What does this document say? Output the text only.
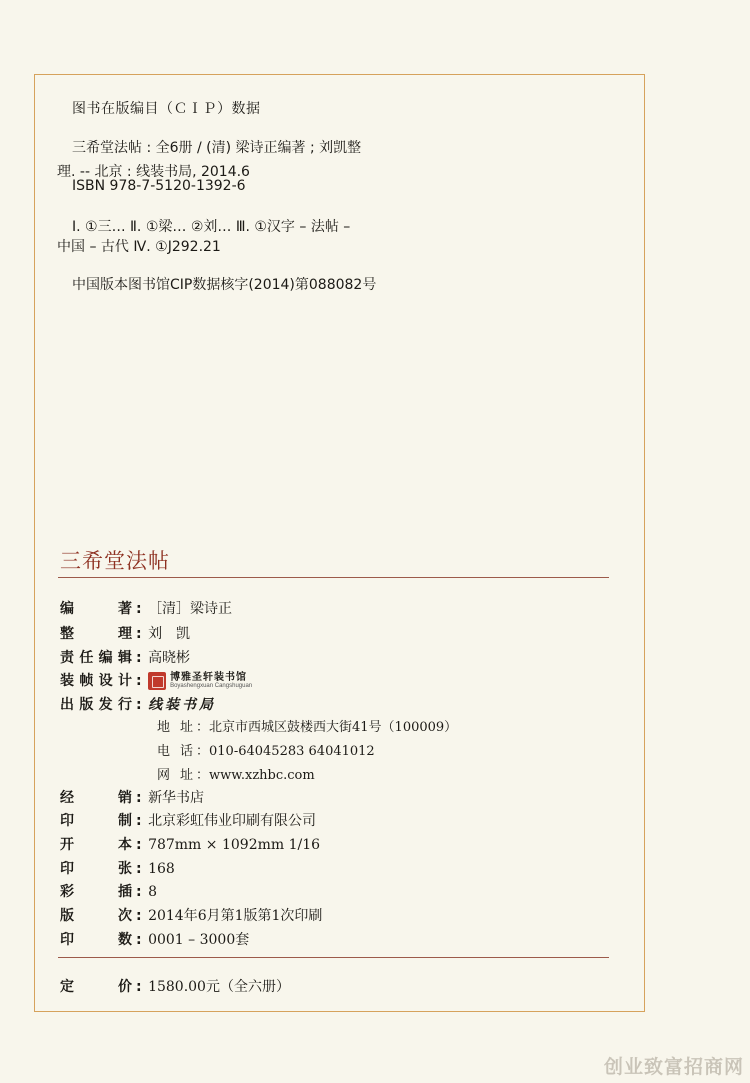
图书在版编目（ＣＩＰ）数据
三希堂法帖 : 全6册 / (清) 梁诗正编著 ; 刘凯整
理. -- 北京 : 线装书局, 2014.6
ISBN 978-7-5120-1392-6
Ⅰ. ①三… Ⅱ. ①梁… ②刘… Ⅲ. ①汉字 – 法帖 –
中国 – 古代 Ⅳ. ①J292.21
中国版本图书馆CIP数据核字(2014)第088082号
三希堂法帖
编著 : ［清］梁诗正
整理 : 刘　凯
责任编辑 : 高晓彬
装帧设计 :	博雅圣轩装书馆
Boyashengxuan Cangshuguan
出版发行 : 线装书局
地址 ：北京市西城区鼓楼西大街41号（100009）
电话 ：010-64045283 64041012
网址 ：www.xzhbc.com
经销 : 新华书店
印制 : 北京彩虹伟业印刷有限公司
开本 : 787mm × 1092mm 1/16
印张 : 168
彩插 : 8
版次 : 2014年6月第1版第1次印刷
印数 : 0001 – 3000套
定价 : 1580.00元（全六册）
创业致富招商网
